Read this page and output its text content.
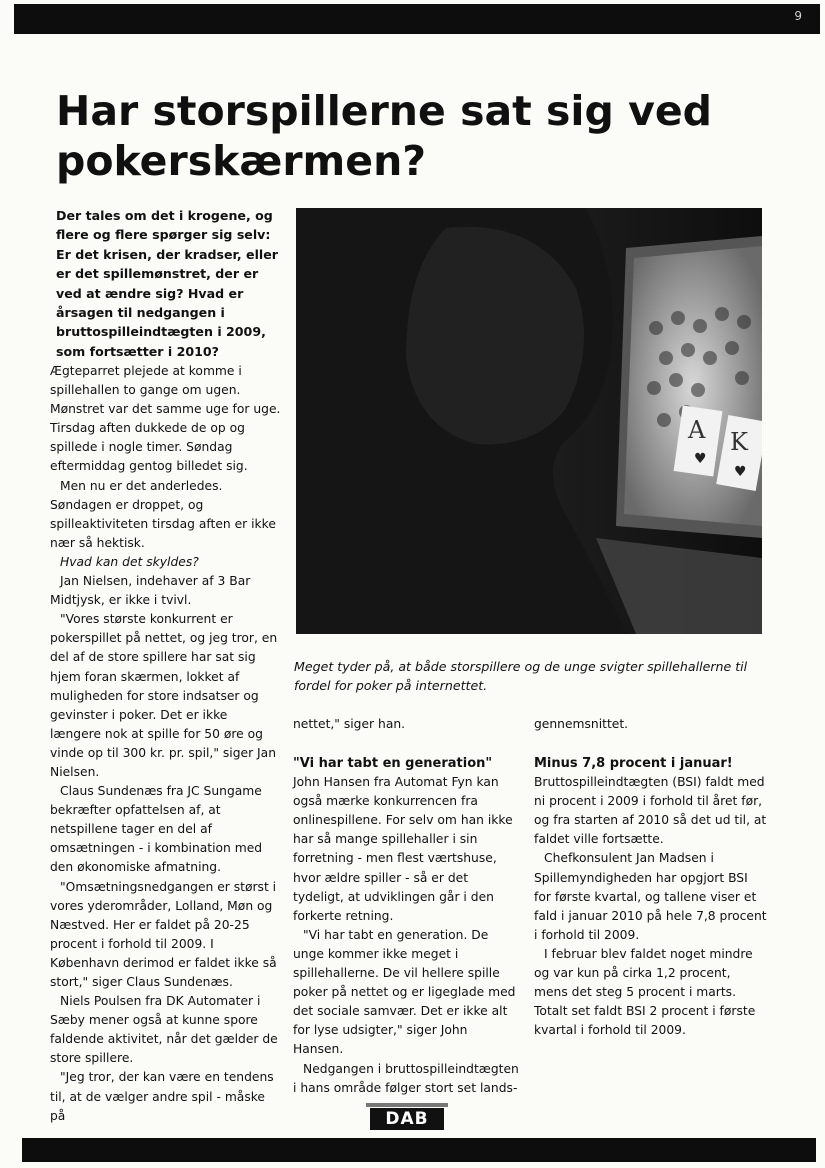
9
Har storspillerne sat sig ved pokerskærmen?

Der tales om det i krogene, og flere og flere spørger sig selv: Er det krisen, der kradser, eller er det spillemønstret, der er ved at ændre sig? Hvad er årsagen til nedgangen i bruttospilleindtægten i 2009, som fortsætter i 2010?

Ægteparret plejede at komme i spillehallen to gange om ugen. Mønstret var det samme uge for uge. Tirsdag aften dukkede de op og spillede i nogle timer. Søndag eftermiddag gentog billedet sig.

Men nu er det anderledes. Søndagen er droppet, og spilleaktiviteten tirsdag aften er ikke nær så hektisk.

Hvad kan det skyldes?

Jan Nielsen, indehaver af 3 Bar Midtjysk, er ikke i tvivl.

"Vores største konkurrent er pokerspillet på nettet, og jeg tror, en del af de store spillere har sat sig hjem foran skærmen, lokket af muligheden for store indsatser og gevinster i poker. Det er ikke længere nok at spille for 50 øre og vinde op til 300 kr. pr. spil," siger Jan Nielsen.

Claus Sundenæs fra JC Sungame bekræfter opfattelsen af, at netspillene tager en del af omsætningen - i kombination med den økonomiske afmatning.

"Omsætningsnedgangen er størst i vores yderområder, Lolland, Møn og Næstved. Her er faldet på 20-25 procent i forhold til 2009. I København derimod er faldet ikke så stort," siger Claus Sundenæs.

Niels Poulsen fra DK Automater i Sæby mener også at kunne spore faldende aktivitet, når det gælder de store spillere.

"Jeg tror, der kan være en tendens til, at de vælger andre spil - måske på

A
♥
K
♥

Meget tyder på, at både storspillere og de unge svigter spillehallerne til fordel for poker på internettet.

nettet," siger han.

"Vi har tabt en generation"

John Hansen fra Automat Fyn kan også mærke konkurrencen fra onlinespillene. For selv om han ikke har så mange spillehaller i sin forretning - men flest værtshuse, hvor ældre spiller - så er det tydeligt, at udviklingen går i den forkerte retning.

"Vi har tabt en generation. De unge kommer ikke meget i spillehallerne. De vil hellere spille poker på nettet og er ligeglade med det sociale samvær. Det er ikke alt for lyse udsigter," siger John Hansen.

Nedgangen i bruttospilleindtægten i hans område følger stort set lands-

gennemsnittet.

Minus 7,8 procent i januar!

Bruttospilleindtægten (BSI) faldt med ni procent i 2009 i forhold til året før, og fra starten af 2010 så det ud til, at faldet ville fortsætte.

Chefkonsulent Jan Madsen i Spillemyndigheden har opgjort BSI for første kvartal, og tallene viser et fald i januar 2010 på hele 7,8 procent i forhold til 2009.

I februar blev faldet noget mindre og var kun på cirka 1,2 procent, mens det steg 5 procent i marts. Totalt set faldt BSI 2 procent i første kvartal i forhold til 2009.

DAB
